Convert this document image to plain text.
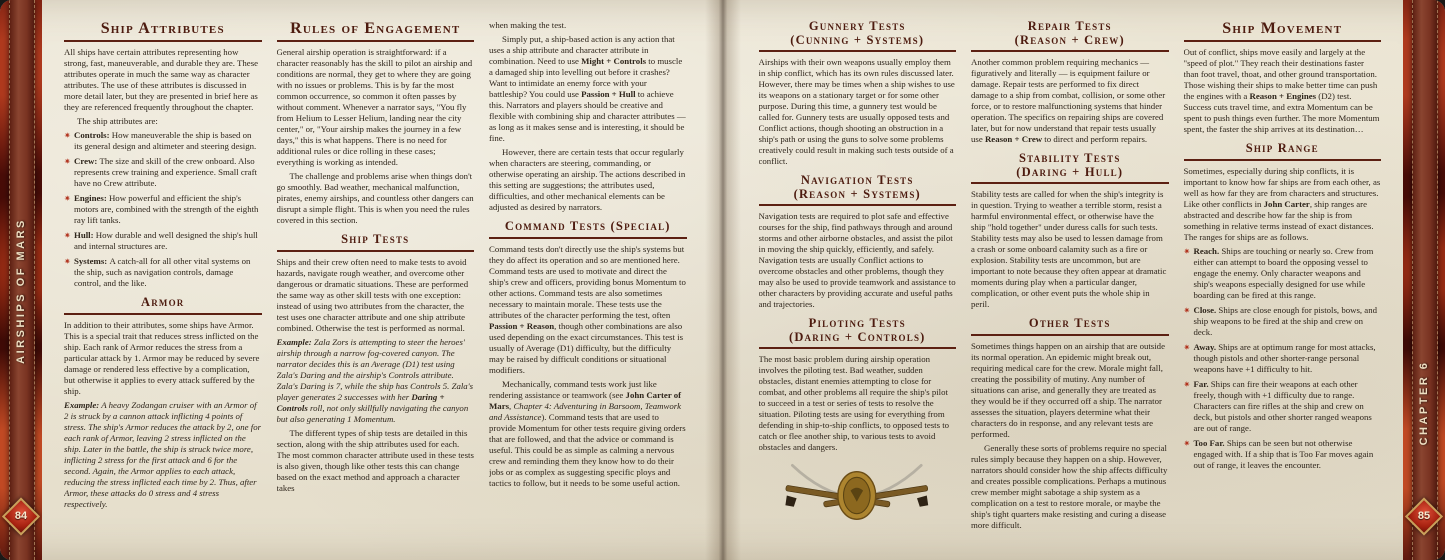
AIRSHIPS OF MARS
84
Ship Attributes

All ships have certain attributes representing how strong, fast, maneuverable, and durable they are. These attributes operate in much the same way as character attributes. The use of these attributes is discussed in more detail later, but they are presented in brief here as they are referenced frequently throughout the chapter.

The ship attributes are:

✷ Controls: How maneuverable the ship is based on its general design and altimeter and steering design.

✷ Crew: The size and skill of the crew onboard. Also represents crew training and experience. Small craft have no Crew attribute.

✷ Engines: How powerful and efficient the ship's motors are, combined with the strength of the eighth ray lift tanks.

✷ Hull: How durable and well designed the ship's hull and internal structures are.

✷ Systems: A catch-all for all other vital systems on the ship, such as navigation controls, damage control, and the like.

Armor

In addition to their attributes, some ships have Armor. This is a special trait that reduces stress inflicted on the ship. Each rank of Armor reduces the stress from a particular attack by 1. Armor may be reduced by severe damage or rendered less effective by a complication, but otherwise it applies to every attack suffered by the ship.

Example: A heavy Zodangan cruiser with an Armor of 2 is struck by a cannon attack inflicting 4 points of stress. The ship's Armor reduces the attack by 2, one for each rank of Armor, leaving 2 stress inflicted on the ship. Later in the battle, the ship is struck twice more, inflicting 2 stress for the first attack and 6 for the second. Again, the Armor applies to each attack, reducing the stress inflicted each time by 2. Thus, after Armor, these attacks do 0 stress and 4 stress respectively.

Rules of Engagement

General airship operation is straightforward: if a character reasonably has the skill to pilot an airship and conditions are normal, they get to where they are going with no issues or problems. This is by far the most common occurrence, so common it often passes by without comment. Whenever a narrator says, "You fly from Helium to Lesser Helium, landing near the city center," or, "Your airship makes the journey in a few days," this is what happens. There is no need for additional rules or dice rolling in these cases; everything is working as intended.

The challenge and problems arise when things don't go smoothly. Bad weather, mechanical malfunction, pirates, enemy airships, and countless other dangers can disrupt a simple flight. This is when you need the rules covered in this section.

Ship Tests

Ships and their crew often need to make tests to avoid hazards, navigate rough weather, and overcome other dangerous or dramatic situations. These are performed the same way as other skill tests with one exception: instead of using two attributes from the character, the test uses one character attribute and one ship attribute combined. Otherwise the test is performed as normal.

Example: Zala Zors is attempting to steer the heroes' airship through a narrow fog-covered canyon. The narrator decides this is an Average (D1) test using Zala's Daring and the airship's Controls attribute. Zala's Daring is 7, while the ship has Controls 5. Zala's player generates 2 successes with her Daring + Controls roll, not only skillfully navigating the canyon but also generating 1 Momentum.

The different types of ship tests are detailed in this section, along with the ship attributes used for each. The most common character attribute used in these tests is also given, though like other tests this can change based on the exact method and approach a character takes

when making the test.

Simply put, a ship-based action is any action that uses a ship attribute and character attribute in combination. Need to use Might + Controls to muscle a damaged ship into levelling out before it crashes? Want to intimidate an enemy force with your battleship? You could use Passion + Hull to achieve this. Narrators and players should be creative and flexible with combining ship and character attributes — as long as it makes sense and is interesting, it should be fine.

However, there are certain tests that occur regularly when characters are steering, commanding, or otherwise operating an airship. The actions described in this setting are suggestions; the attributes used, difficulties, and other mechanical elements can be adjusted as desired by narrators.

Command Tests (Special)

Command tests don't directly use the ship's systems but they do affect its operation and so are mentioned here. Command tests are used to motivate and direct the ship's crew and officers, providing bonus Momentum to other actions. Command tests are also sometimes necessary to maintain morale. These tests use the attributes of the character performing the test, often Passion + Reason, though other combinations are also used depending on the exact circumstances. This test is usually of Average (D1) difficulty, but the difficulty may be raised by difficult conditions or situational modifiers.

Mechanically, command tests work just like rendering assistance or teamwork (see John Carter of Mars, Chapter 4: Adventuring in Barsoom, Teamwork and Assistance). Command tests that are used to provide Momentum for other tests require giving orders that are followed, and that the advice or command is useful. This could be as simple as calming a nervous crew and reminding them they know how to do their jobs or as complex as suggesting specific ploys and tactics to follow, but it needs to be some useful action.

Gunnery Tests
(Cunning + Systems)

Airships with their own weapons usually employ them in ship conflict, which has its own rules discussed later. However, there may be times when a ship wishes to use its weapons on a stationary target or for some other purpose. During this time, a gunnery test would be called for. Gunnery tests are usually opposed tests and Conflict actions, though shooting an obstruction in a ship's path or using the guns to solve some problems creatively could result in making such tests outside of a conflict.

Navigation Tests
(Reason + Systems)

Navigation tests are required to plot safe and effective courses for the ship, find pathways through and around storms and other airborne obstacles, and assist the pilot in moving the ship quickly, efficiently, and safely. Navigation tests are usually Conflict actions to overcome obstacles and other problems, though they may also be used to provide teamwork and assistance to other characters by providing accurate and useful paths and trajectories.

Piloting Tests
(Daring + Controls)

The most basic problem during airship operation involves the piloting test. Bad weather, sudden obstacles, distant enemies attempting to close for combat, and other problems all require the ship's pilot to succeed in a test or series of tests to resolve the situation. Piloting tests are using for everything from defending in ship-to-ship conflicts, to opposed tests to catch or flee another ship, to various tests to avoid obstacles and dangers.

Repair Tests
(Reason + Crew)

Another common problem requiring mechanics — figuratively and literally — is equipment failure or damage. Repair tests are performed to fix direct damage to a ship from combat, collision, or some other force, or to restore malfunctioning systems that hinder operation. The specifics on repairing ships are covered later, but for now understand that repair tests usually use Reason + Crew to direct and perform repairs.

Stability Tests
(Daring + Hull)

Stability tests are called for when the ship's integrity is in question. Trying to weather a terrible storm, resist a harmful environmental effect, or otherwise have the ship "hold together" under duress calls for such tests. Stability tests may also be used to lessen damage from a crash or some onboard calamity such as a fire or explosion. Stability tests are uncommon, but are important to note because they often appear at dramatic moments during play when a particular danger, complication, or other event puts the whole ship in peril.

Other Tests

Sometimes things happen on an airship that are outside its normal operation. An epidemic might break out, requiring medical care for the crew. Morale might fall, creating the possibility of mutiny. Any number of situations can arise, and generally they are treated as they would be if they occurred off a ship. The narrator assesses the situation, players determine what their characters do in response, and any relevant tests are performed.

Generally these sorts of problems require no special rules simply because they happen on a ship. However, narrators should consider how the ship affects difficulty and creates possible complications. Perhaps a mutinous crew member might sabotage a ship system as a complication on a test to restore morale, or maybe the ship's tight quarters make resisting and curing a disease more difficult.

Ship Movement

Out of conflict, ships move easily and largely at the "speed of plot." They reach their destinations faster than foot travel, thoat, and other ground transportation. Those wishing their ships to make better time can push the engines with a Reason + Engines (D2) test. Success cuts travel time, and extra Momentum can be spent to push things even further. The more Momentum spent, the faster the ship arrives at its destination…

Ship Range

Sometimes, especially during ship conflicts, it is important to know how far ships are from each other, as well as how far they are from characters and structures. Like other conflicts in John Carter, ship ranges are abstracted and describe how far the ship is from something in relative terms instead of exact distances. The ranges for ships are as follows.

✷ Reach. Ships are touching or nearly so. Crew from either can attempt to board the opposing vessel to engage the enemy. Only character weapons and ship's weapons especially designed for use while boarding can be fired at this range.

✷ Close. Ships are close enough for pistols, bows, and ship weapons to be fired at the ship and crew on deck.

✷ Away. Ships are at optimum range for most attacks, though pistols and other shorter-range personal weapons have +1 difficulty to hit.

✷ Far. Ships can fire their weapons at each other freely, though with +1 difficulty due to range. Characters can fire rifles at the ship and crew on deck, but pistols and other shorter ranged weapons are out of range.

✷ Too Far. Ships can be seen but not otherwise engaged with. If a ship that is Too Far moves again out of range, it leaves the encounter.

CHAPTER 6
85
